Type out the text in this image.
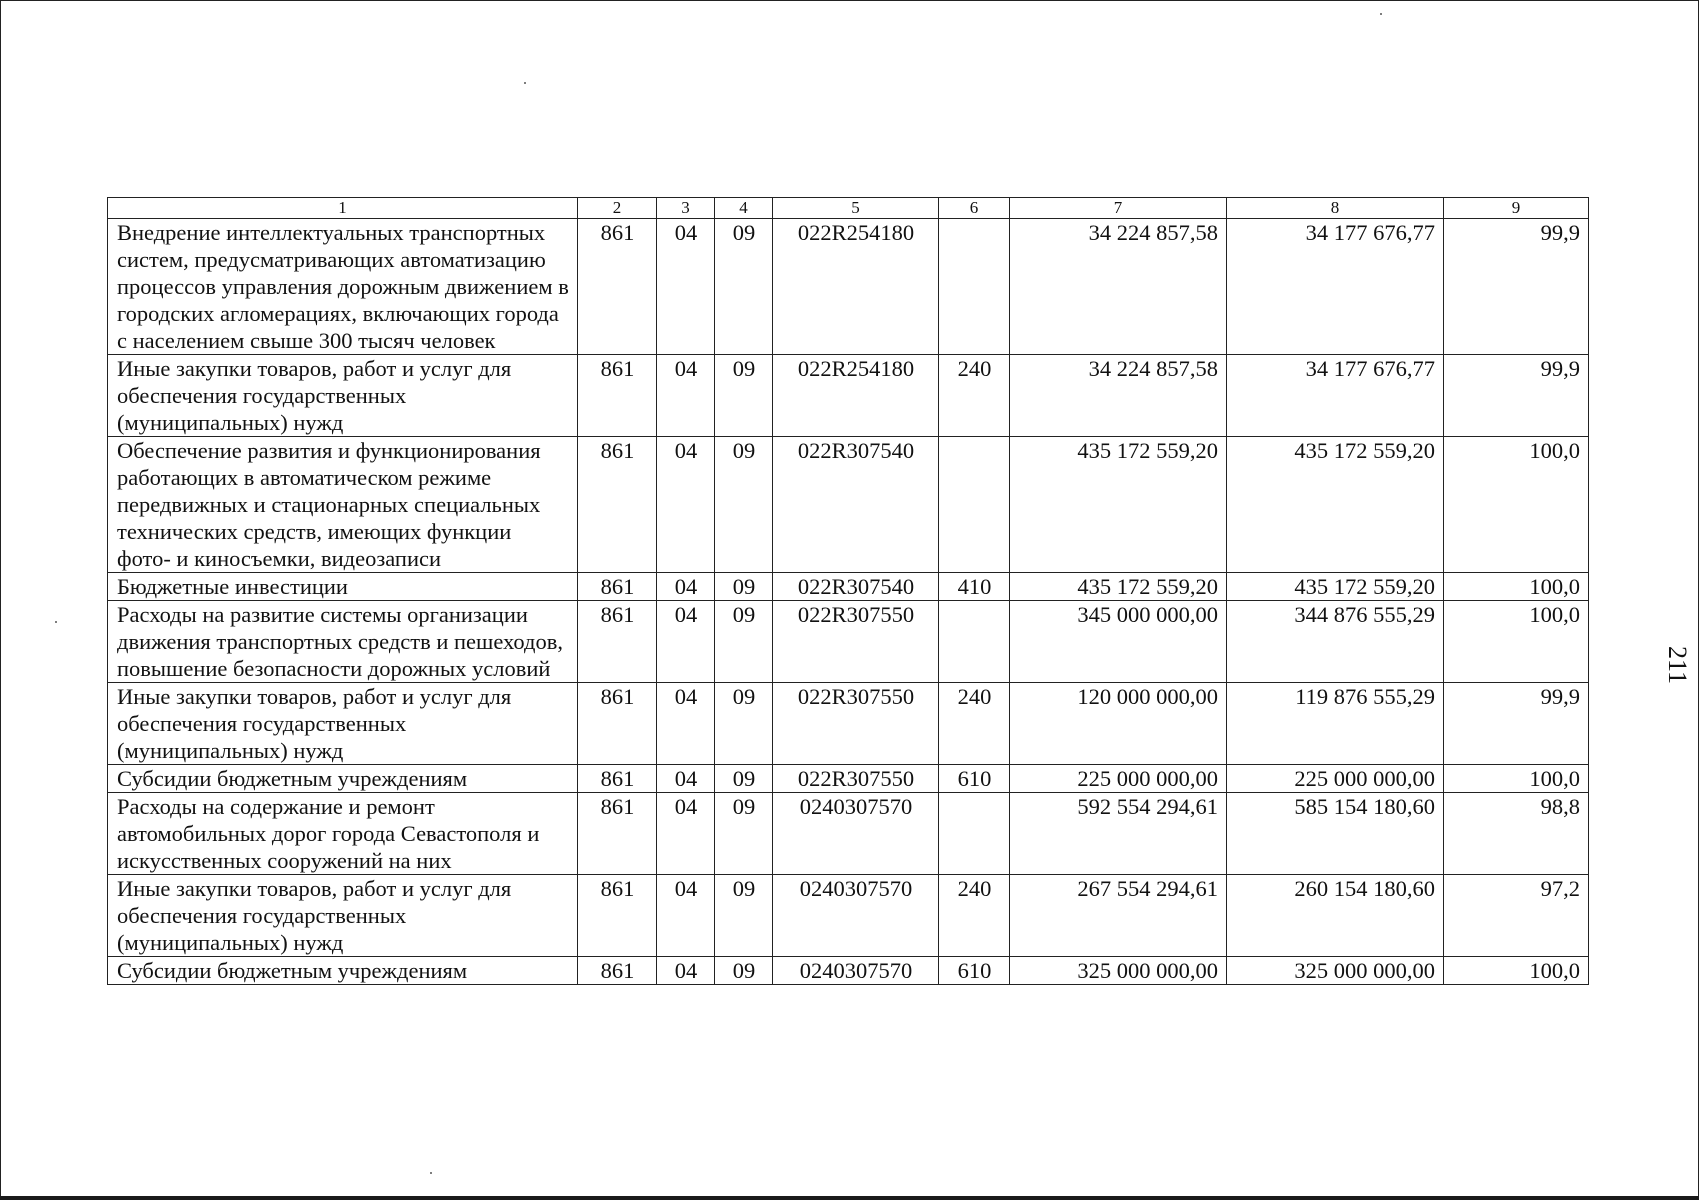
1	2	3	4	5	6	7	8	9
Внедрение интеллектуальных транспортных систем, предусматривающих автоматизацию процессов управления дорожным движением в городских агломерациях, включающих города с населением свыше 300 тысяч человек	861	04	09	022R254180		34 224 857,58	34 177 676,77	99,9
Иные закупки товаров, работ и услуг для обеспечения государственных (муниципальных) нужд	861	04	09	022R254180	240	34 224 857,58	34 177 676,77	99,9
Обеспечение развития и функционирования работающих в автоматическом режиме передвижных и стационарных специальных технических средств, имеющих функции фото- и киносъемки, видеозаписи	861	04	09	022R307540		435 172 559,20	435 172 559,20	100,0
Бюджетные инвестиции	861	04	09	022R307540	410	435 172 559,20	435 172 559,20	100,0
Расходы на развитие системы организации движения транспортных средств и пешеходов, повышение безопасности дорожных условий	861	04	09	022R307550		345 000 000,00	344 876 555,29	100,0
Иные закупки товаров, работ и услуг для обеспечения государственных (муниципальных) нужд	861	04	09	022R307550	240	120 000 000,00	119 876 555,29	99,9
Субсидии бюджетным учреждениям	861	04	09	022R307550	610	225 000 000,00	225 000 000,00	100,0
Расходы на содержание и ремонт автомобильных дорог города Севастополя и искусственных сооружений на них	861	04	09	0240307570		592 554 294,61	585 154 180,60	98,8
Иные закупки товаров, работ и услуг для обеспечения государственных (муниципальных) нужд	861	04	09	0240307570	240	267 554 294,61	260 154 180,60	97,2
Субсидии бюджетным учреждениям	861	04	09	0240307570	610	325 000 000,00	325 000 000,00	100,0
211
